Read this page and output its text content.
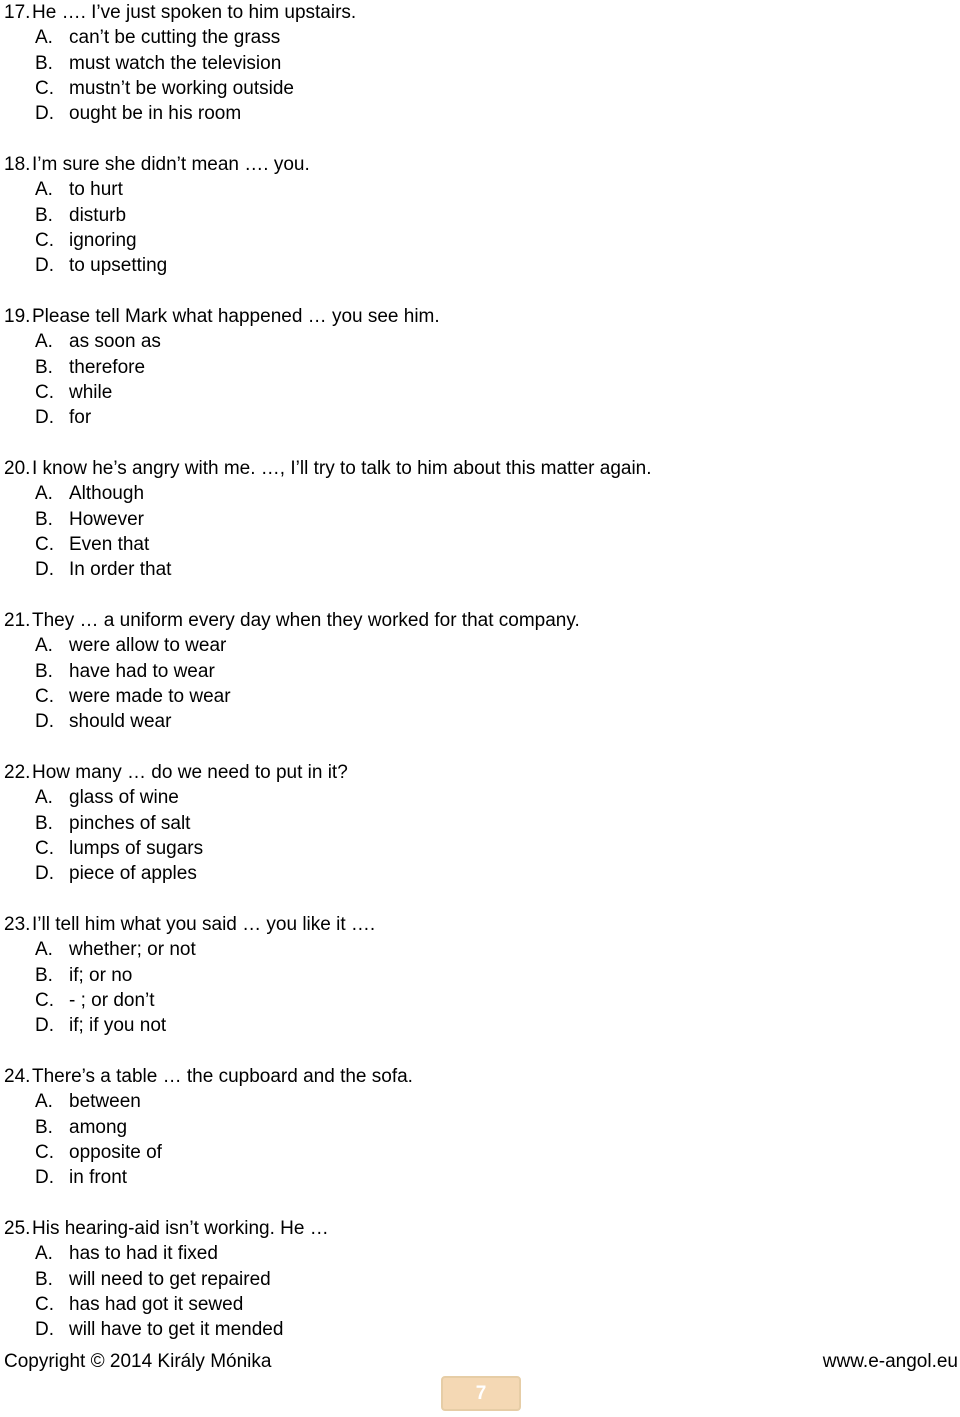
17.He …. I’ve just spoken to him upstairs.
A. can’t be cutting the grass
B. must watch the television
C. mustn’t be working outside
D. ought be in his room
18.I’m sure she didn’t mean …. you.
A. to hurt
B. disturb
C. ignoring
D. to upsetting
19.Please tell Mark what happened … you see him.
A. as soon as
B. therefore
C. while
D. for
20.I know he’s angry with me. …, I’ll try to talk to him about this matter again.
A. Although
B. However
C. Even that
D. In order that
21.They … a uniform every day when they worked for that company.
A. were allow to wear
B. have had to wear
C. were made to wear
D. should wear
22.How many … do we need to put in it?
A. glass of wine
B. pinches of salt
C. lumps of sugars
D. piece of apples
23.I’ll tell him what you said … you like it ….
A. whether; or not
B. if; or no
C. - ; or don’t
D. if; if you not
24.There’s a table … the cupboard and the sofa.
A. between
B. among
C. opposite of
D. in front
25.His hearing-aid isn’t working. He …
A. has to had it fixed
B. will need to get repaired
C. has had got it sewed
D. will have to get it mended
Copyright © 2014 Király Mónika	www.e-angol.eu
7
